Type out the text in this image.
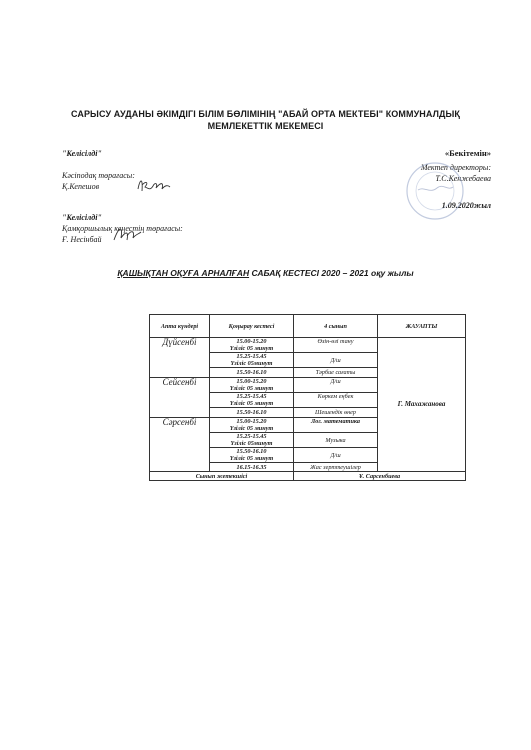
САРЫСУ АУДАНЫ ӘКІМДІГІ БІЛІМ БӨЛІМІНІҢ "АБАЙ ОРТА МЕКТЕБІ" КОММУНАЛДЫҚ
МЕМЛЕКЕТТІК МЕКЕМЕСІ
"Келісілді"
Кәсіподақ төрағасы:
Қ.Кепешов
"Келісілді"
Қамқоршылық кеңестің төрағасы:
Ғ. Несінбай
«Бекітемін»
Мектеп директоры:
Т.С.Кенжебаева
1.09.2020жыл
ҚАШЫҚТАН ОҚУҒА АРНАЛҒАН САБАҚ КЕСТЕСІ 2020 – 2021 оқу жылы
Апта күндері	Қоңырау кестесі	4 сынып	ЖАУАПТЫ
Дүйсенбі	15.00-15.20
Үзіліс 05 минут	Өзін-өзі тану	Г. Махажанова

	15.25-15.45
Үзіліс 05минут	Д/ш	

	15.50-16.10	Тәрбие сағаты	
Сейсенбі	15.00-15.20
Үзіліс 05 минут	Д/ш	

	15.25-15.45
Үзіліс 05 минут	Көркем еңбек	

	15.50-16.10	Шешендік өнер	
Сәрсенбі	15.00-15.20
Үзіліс 05 минут	Лог. математика	

	15.25-15.45
Үзіліс 05минут	Музыка	

	15.50-16.10
Үзіліс 05 минут	Д/ш	

	16.15-16.35	Жас зерттеушілер	
Сынып жетекшісі		Ұ. Сарсенбиева	
